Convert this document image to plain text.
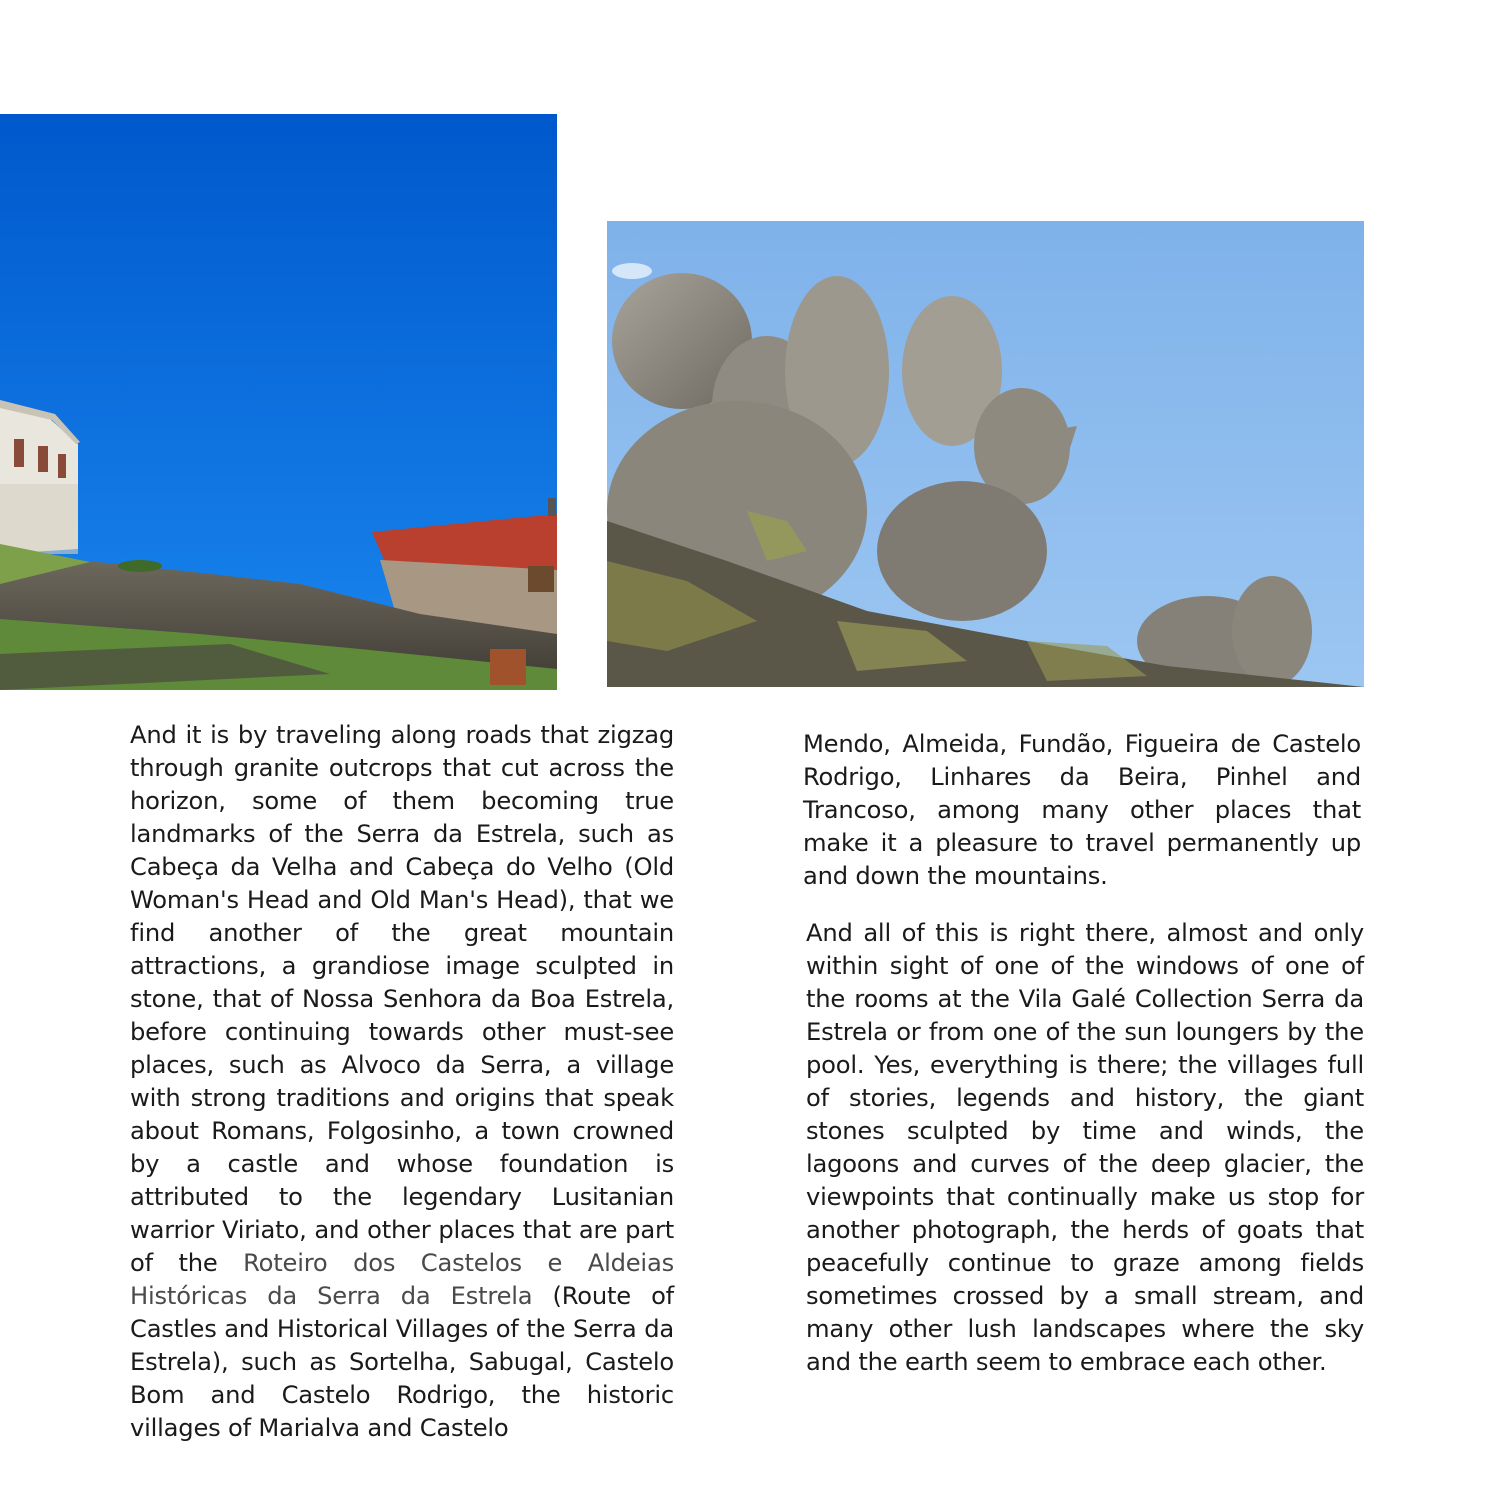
And it is by traveling along roads that zigzag through granite outcrops that cut across the horizon, some of them becoming true landmarks of the Serra da Estrela, such as Cabeça da Velha and Cabeça do Velho (Old Woman's Head and Old Man's Head), that we find another of the great mountain attractions, a grandiose image sculpted in stone, that of Nossa Senhora da Boa Estrela, before continuing towards other must-see places, such as Alvoco da Serra, a village with strong traditions and origins that speak about Romans, Folgosinho, a town crowned by a castle and whose foundation is attributed to the legendary Lusitanian warrior Viriato, and other places that are part of the Roteiro dos Castelos e Aldeias Históricas da Serra da Estrela (Route of Castles and Historical Villages of the Serra da Estrela), such as Sortelha, Sabugal, Castelo Bom and Castelo Rodrigo, the historic villages of Marialva and Castelo

Mendo, Almeida, Fundão, Figueira de Castelo Rodrigo, Linhares da Beira, Pinhel and Trancoso, among many other places that make it a pleasure to travel permanently up and down the mountains.

And all of this is right there, almost and only within sight of one of the windows of one of the rooms at the Vila Galé Collection Serra da Estrela or from one of the sun loungers by the pool. Yes, everything is there; the villages full of stories, legends and history, the giant stones sculpted by time and winds, the lagoons and curves of the deep glacier, the viewpoints that continually make us stop for another photograph, the herds of goats that peacefully continue to graze among fields sometimes crossed by a small stream, and many other lush landscapes where the sky and the earth seem to embrace each other.
